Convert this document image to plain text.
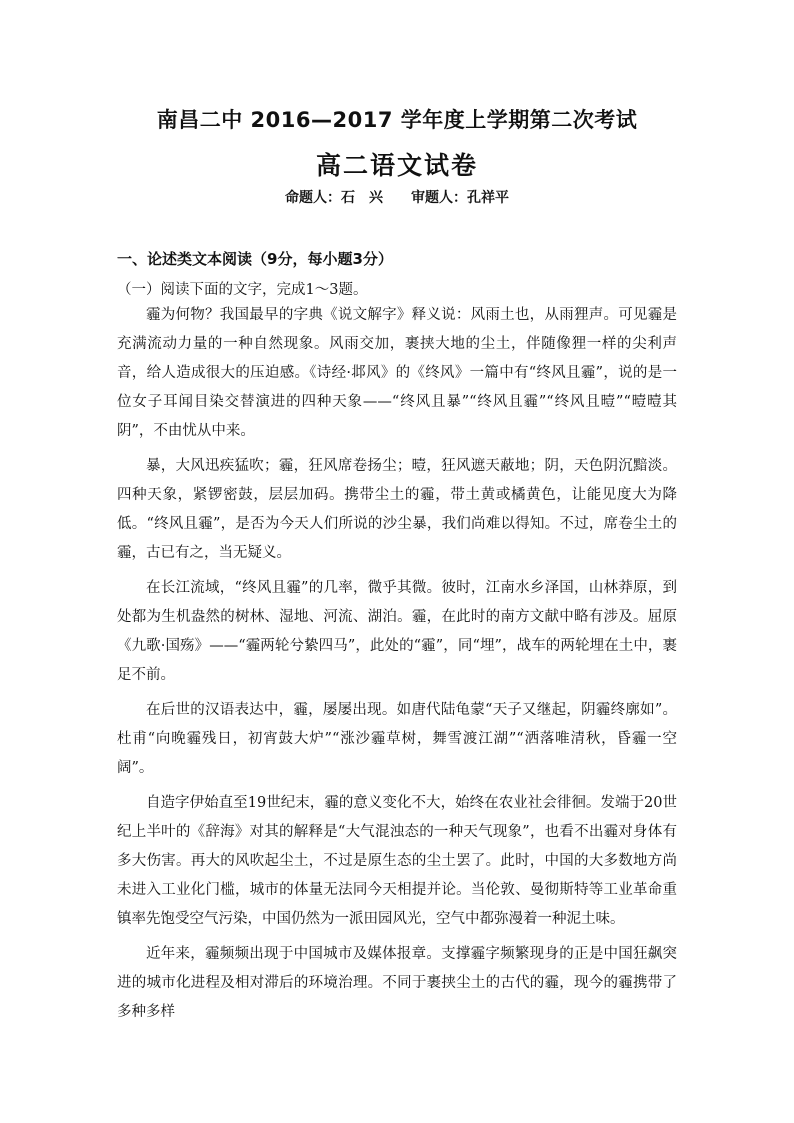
南昌二中 2016—2017 学年度上学期第二次考试
高二语文试卷
命题人：石　兴 审题人：孔祥平
一、论述类文本阅读（9分，每小题3分）
（一）阅读下面的文字，完成1～3题。

霾为何物？我国最早的字典《说文解字》释义说：风雨土也，从雨狸声。可见霾是充满流动力量的一种自然现象。风雨交加，裹挟大地的尘土，伴随像狸一样的尖利声音，给人造成很大的压迫感。《诗经·邶风》的《终风》一篇中有“终风且霾”，说的是一位女子耳闻目染交替演进的四种天象——“终风且暴”“终风且霾”“终风且曀”“曀曀其阴”，不由忧从中来。

暴，大风迅疾猛吹；霾，狂风席卷扬尘；曀，狂风遮天蔽地；阴，天色阴沉黯淡。四种天象，紧锣密鼓，层层加码。携带尘土的霾，带土黄或橘黄色，让能见度大为降低。“终风且霾”，是否为今天人们所说的沙尘暴，我们尚难以得知。不过，席卷尘土的霾，古已有之，当无疑义。

在长江流域，“终风且霾”的几率，微乎其微。彼时，江南水乡泽国，山林莽原，到处都为生机盎然的树林、湿地、河流、湖泊。霾，在此时的南方文献中略有涉及。屈原《九歌·国殇》——“霾两轮兮絷四马”，此处的“霾”，同“埋”，战车的两轮埋在土中，裹足不前。

在后世的汉语表达中，霾，屡屡出现。如唐代陆龟蒙“天子又继起，阴霾终廓如”。杜甫“向晚霾残日，初宵鼓大炉”“涨沙霾草树，舞雪渡江湖”“洒落唯清秋，昏霾一空阔”。

自造字伊始直至19世纪末，霾的意义变化不大，始终在农业社会徘徊。发端于20世纪上半叶的《辞海》对其的解释是“大气混浊态的一种天气现象”，也看不出霾对身体有多大伤害。再大的风吹起尘土，不过是原生态的尘土罢了。此时，中国的大多数地方尚未进入工业化门槛，城市的体量无法同今天相提并论。当伦敦、曼彻斯特等工业革命重镇率先饱受空气污染，中国仍然为一派田园风光，空气中都弥漫着一种泥土味。

近年来，霾频频出现于中国城市及媒体报章。支撑霾字频繁现身的正是中国狂飙突进的城市化进程及相对滞后的环境治理。不同于裹挟尘土的古代的霾，现今的霾携带了多种多样
